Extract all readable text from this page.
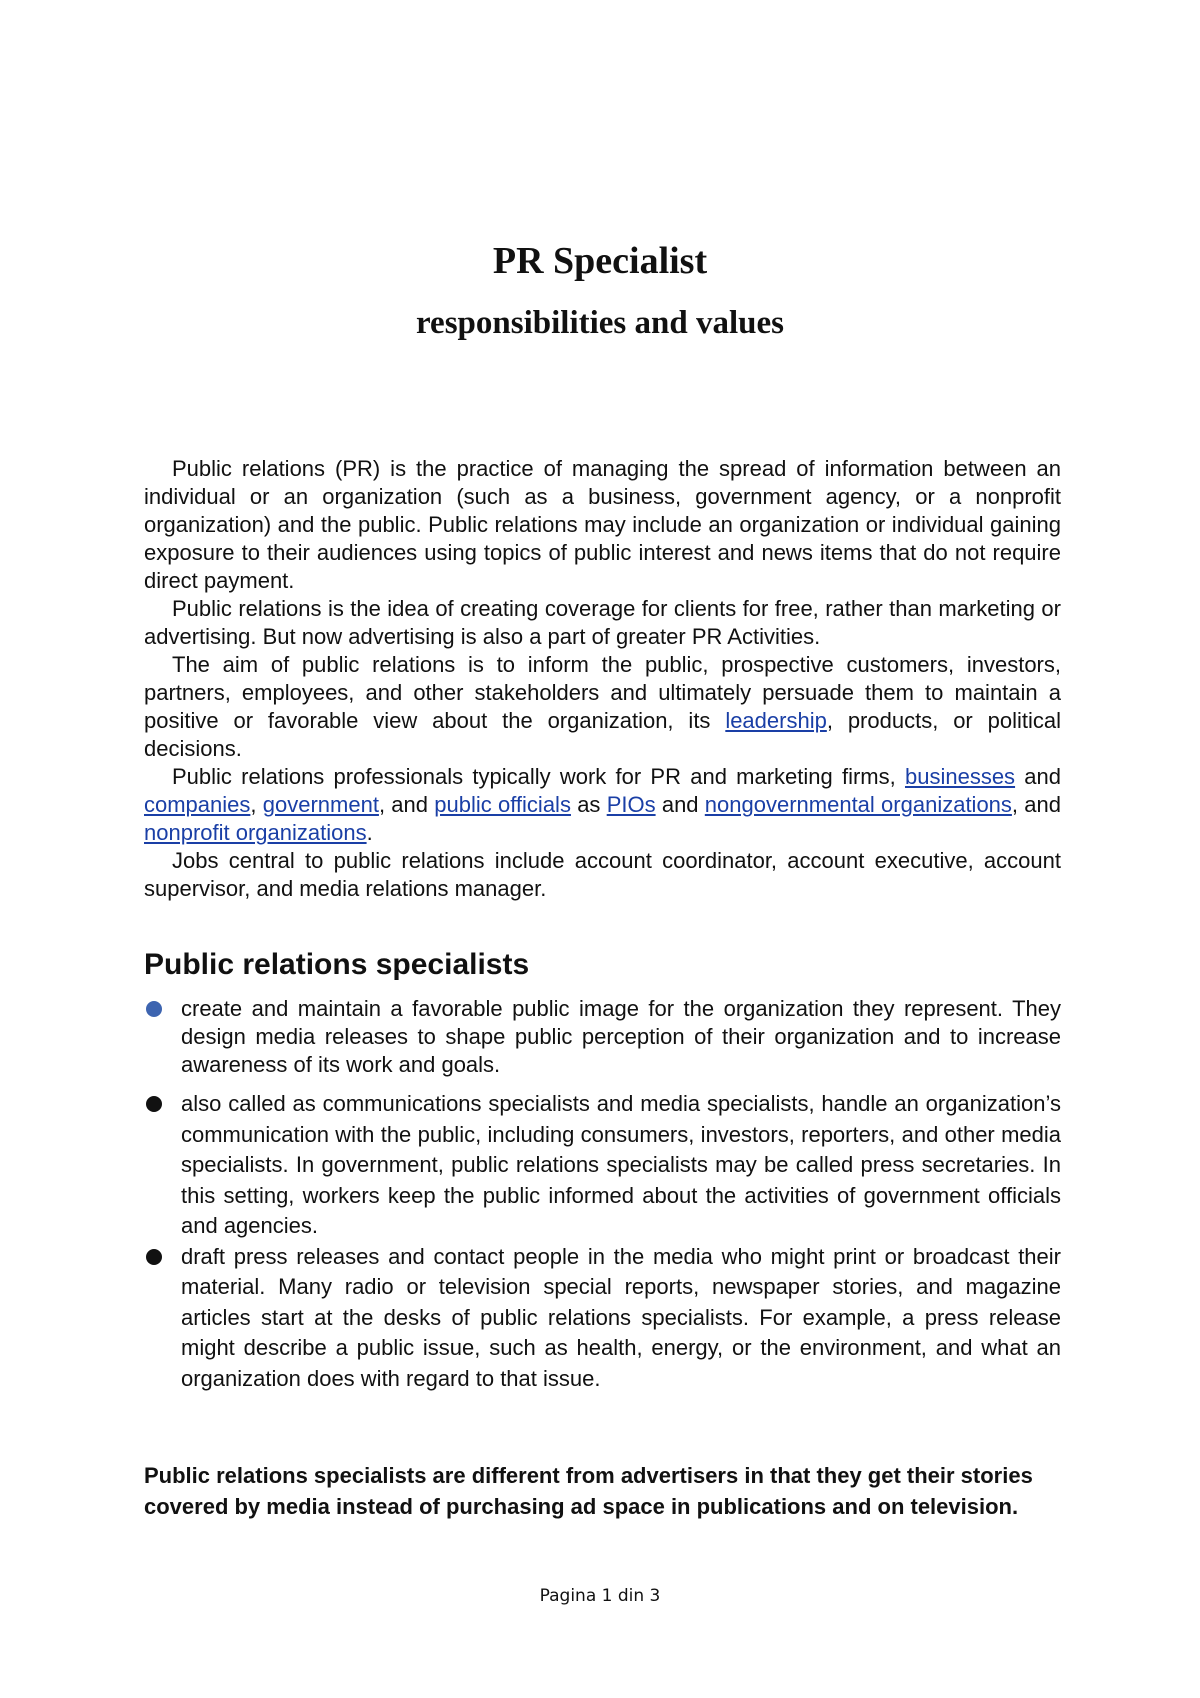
PR Specialist
responsibilities and values

Public relations (PR) is the practice of managing the spread of information between an individual or an organization (such as a business, government agency, or a nonprofit organization) and the public. Public relations may include an organization or individual gaining exposure to their audiences using topics of public interest and news items that do not require direct payment.

Public relations is the idea of creating coverage for clients for free, rather than marketing or advertising. But now advertising is also a part of greater PR Activities.

The aim of public relations is to inform the public, prospective customers, investors, partners, employees, and other stakeholders and ultimately persuade them to maintain a positive or favorable view about the organization, its leadership, products, or political decisions.

Public relations professionals typically work for PR and marketing firms, businesses and companies, government, and public officials as PIOs and nongovernmental organizations, and nonprofit organizations.

Jobs central to public relations include account coordinator, account executive, account supervisor, and media relations manager.

Public relations specialists
create and maintain a favorable public image for the organization they represent. They design media releases to shape public perception of their organization and to increase awareness of its work and goals.
also called as communications specialists and media specialists, handle an organization’s communication with the public, including consumers, investors, reporters, and other media specialists. In government, public relations specialists may be called press secretaries. In this setting, workers keep the public informed about the activities of government officials and agencies.
draft press releases and contact people in the media who might print or broadcast their material. Many radio or television special reports, newspaper stories, and magazine articles start at the desks of public relations specialists. For example, a press release might describe a public issue, such as health, energy, or the environment, and what an organization does with regard to that issue.

Public relations specialists are different from advertisers in that they get their stories covered by media instead of purchasing ad space in publications and on television.

Pagina 1 din 3
